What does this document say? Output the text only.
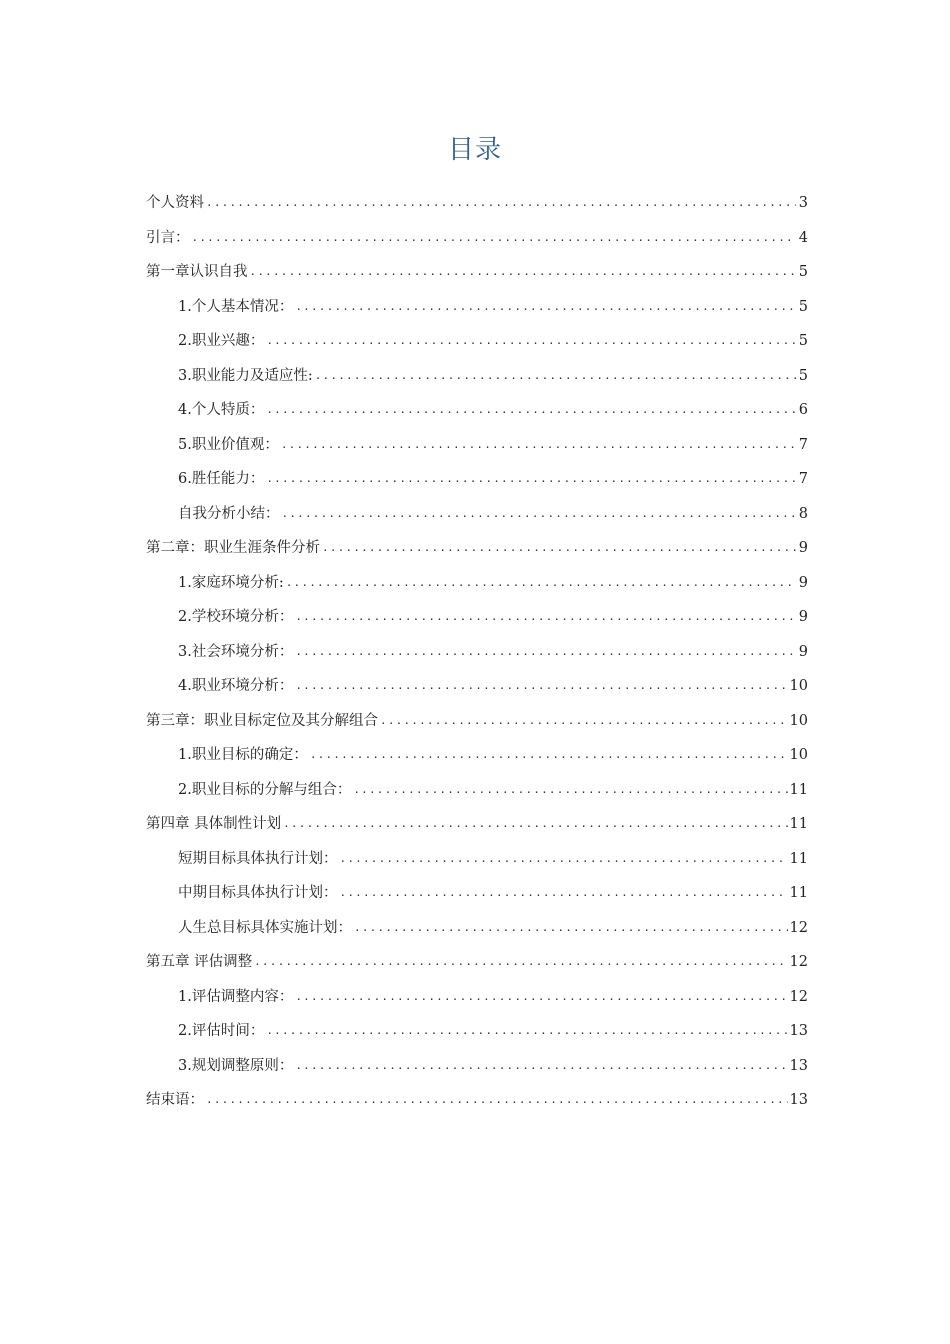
目录
个人资料 .....	3
引言： .....	4
第一章认识自我 .....	5
1.个人基本情况： .....	5
2.职业兴趣： .....	5
3.职业能力及适应性: .....	5
4.个人特质： .....	6
5.职业价值观： .....	7
6.胜任能力： .....	7
自我分析小结： .....	8
第二章：职业生涯条件分析 .....	9
1.家庭环境分析: .....	9
2.学校环境分析： .....	9
3.社会环境分析： .....	9
4.职业环境分析： .....	10
第三章：职业目标定位及其分解组合 .....	10
1.职业目标的确定： .....	10
2.职业目标的分解与组合： .....	11
第四章 具体制性计划 .....	11
短期目标具体执行计划： .....	11
中期目标具体执行计划： .....	11
人生总目标具体实施计划： .....	12
第五章 评估调整 .....	12
1.评估调整内容： .....	12
2.评估时间： .....	13
3.规划调整原则： .....	13
结束语： .....	13
